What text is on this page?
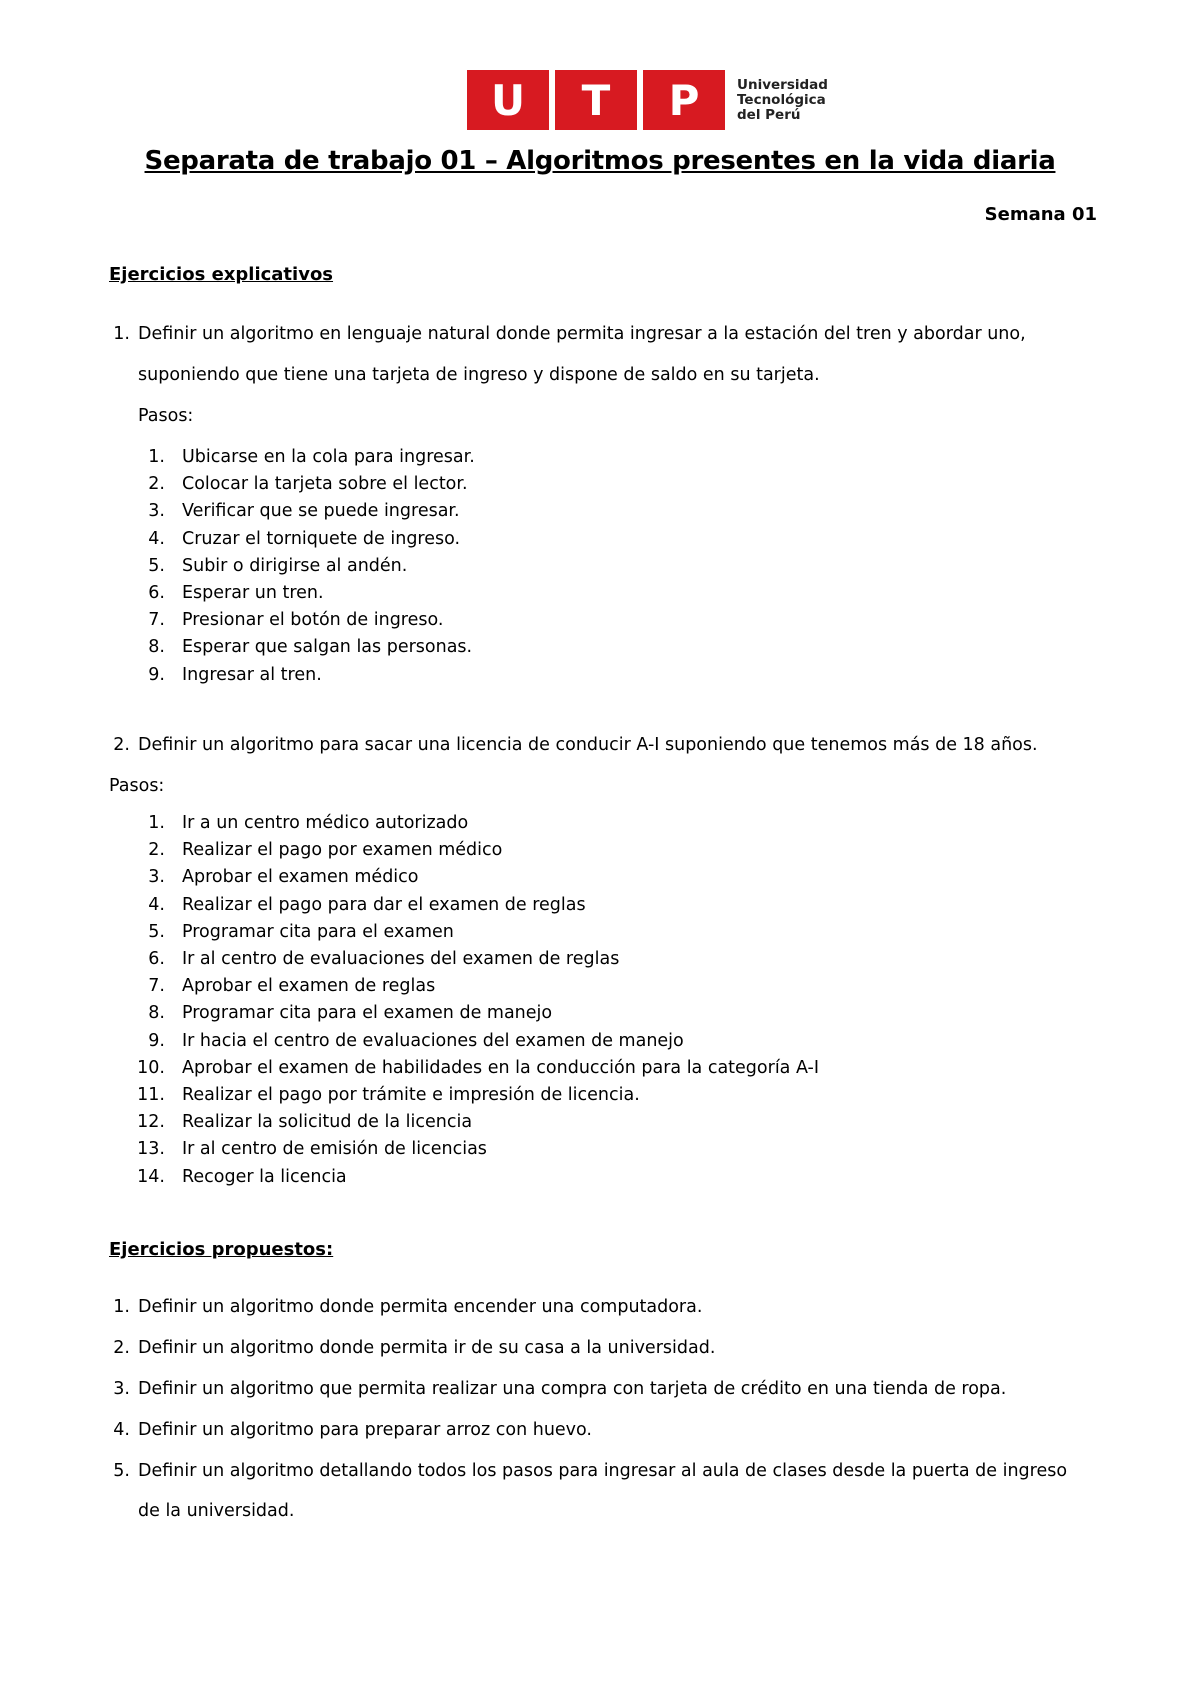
U	T	P	Universidad
Tecnológica
del Perú
Separata de trabajo 01 – Algoritmos presentes en la vida diaria
Semana 01
Ejercicios explicativos
1. Definir un algoritmo en lenguaje natural donde permita ingresar a la estación del tren y abordar uno,
suponiendo que tiene una tarjeta de ingreso y dispone de saldo en su tarjeta.
Pasos:
1. Ubicarse en la cola para ingresar.
2. Colocar la tarjeta sobre el lector.
3. Verificar que se puede ingresar.
4. Cruzar el torniquete de ingreso.
5. Subir o dirigirse al andén.
6. Esperar un tren.
7. Presionar el botón de ingreso.
8. Esperar que salgan las personas.
9. Ingresar al tren.
2. Definir un algoritmo para sacar una licencia de conducir A-I suponiendo que tenemos más de 18 años.
Pasos:
1. Ir a un centro médico autorizado
2. Realizar el pago por examen médico
3. Aprobar el examen médico
4. Realizar el pago para dar el examen de reglas
5. Programar cita para el examen
6. Ir al centro de evaluaciones del examen de reglas
7. Aprobar el examen de reglas
8. Programar cita para el examen de manejo
9. Ir hacia el centro de evaluaciones del examen de manejo
10. Aprobar el examen de habilidades en la conducción para la categoría A-I
11. Realizar el pago por trámite e impresión de licencia.
12. Realizar la solicitud de la licencia
13. Ir al centro de emisión de licencias
14. Recoger la licencia
Ejercicios propuestos:
1. Definir un algoritmo donde permita encender una computadora.
2. Definir un algoritmo donde permita ir de su casa a la universidad.
3. Definir un algoritmo que permita realizar una compra con tarjeta de crédito en una tienda de ropa.
4. Definir un algoritmo para preparar arroz con huevo.
5. Definir un algoritmo detallando todos los pasos para ingresar al aula de clases desde la puerta de ingreso
de la universidad.
